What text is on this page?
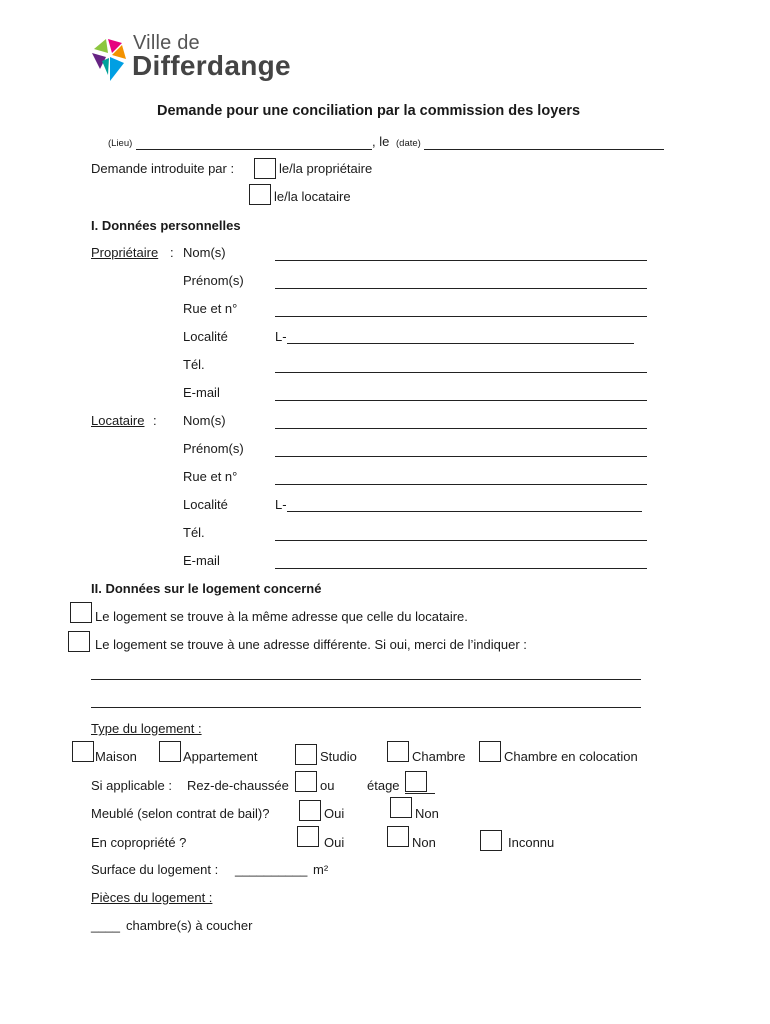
Ville de
Differdange
Demande pour une conciliation par la commission des loyers
(Lieu)	, le (date)
Demande introduite par :	le/la propriétaire
le/la locataire
I. Données personnelles
Propriétaire : Nom(s)
Prénom(s)
Rue et n°
Localité	L-
Tél.
E-mail
Locataire : Nom(s)
Prénom(s)
Rue et n°
Localité	L-
Tél.
E-mail
II. Données sur le logement concerné
Le logement se trouve à la même adresse que celle du locataire.
Le logement se trouve à une adresse différente. Si oui, merci de l’indiquer :
Type du logement :
Maison	Appartement	Studio	Chambre	Chambre en colocation
Si applicable : Rez-de-chaussée ou	étage
Meublé (selon contrat de bail)?	Oui	Non
En copropriété ?	Oui	Non	Inconnu
Surface du logement : __________ m²
Pièces du logement :
____ chambre(s) à coucher
